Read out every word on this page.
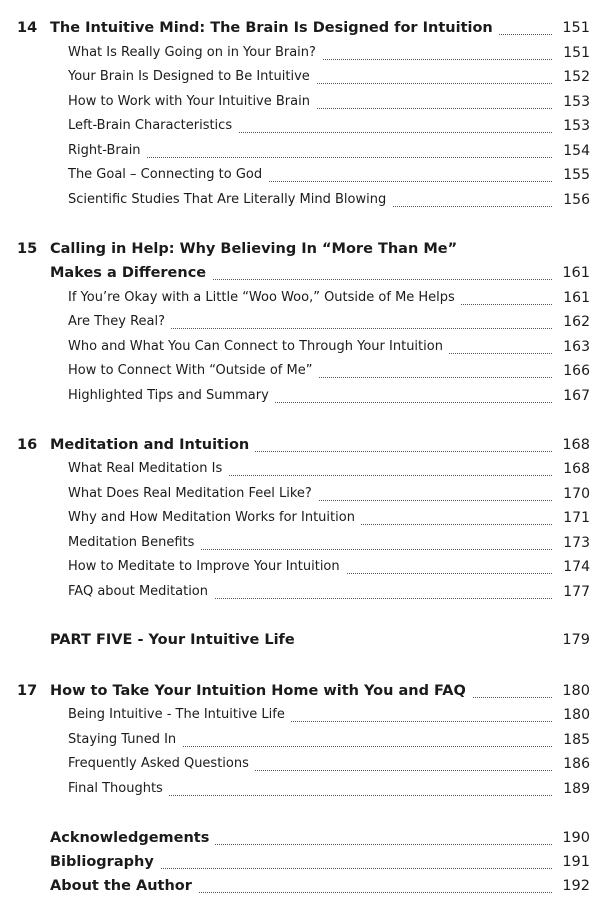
14 The Intuitive Mind: The Brain Is Designed for Intuition	151
What Is Really Going on in Your Brain?	151
Your Brain Is Designed to Be Intuitive	152
How to Work with Your Intuitive Brain	153
Left-Brain Characteristics	153
Right-Brain	154
The Goal – Connecting to God	155
Scientific Studies That Are Literally Mind Blowing	156
15 Calling in Help: Why Believing In “More Than Me”
Makes a Difference	161
If You’re Okay with a Little “Woo Woo,” Outside of Me Helps	161
Are They Real?	162
Who and What You Can Connect to Through Your Intuition	163
How to Connect With “Outside of Me”	166
Highlighted Tips and Summary	167
16 Meditation and Intuition	168
What Real Meditation Is	168
What Does Real Meditation Feel Like?	170
Why and How Meditation Works for Intuition	171
Meditation Benefits	173
How to Meditate to Improve Your Intuition	174
FAQ about Meditation	177
PART FIVE - Your Intuitive Life	179
17 How to Take Your Intuition Home with You and FAQ	180
Being Intuitive - The Intuitive Life	180
Staying Tuned In	185
Frequently Asked Questions	186
Final Thoughts	189
Acknowledgements	190
Bibliography	191
About the Author	192
